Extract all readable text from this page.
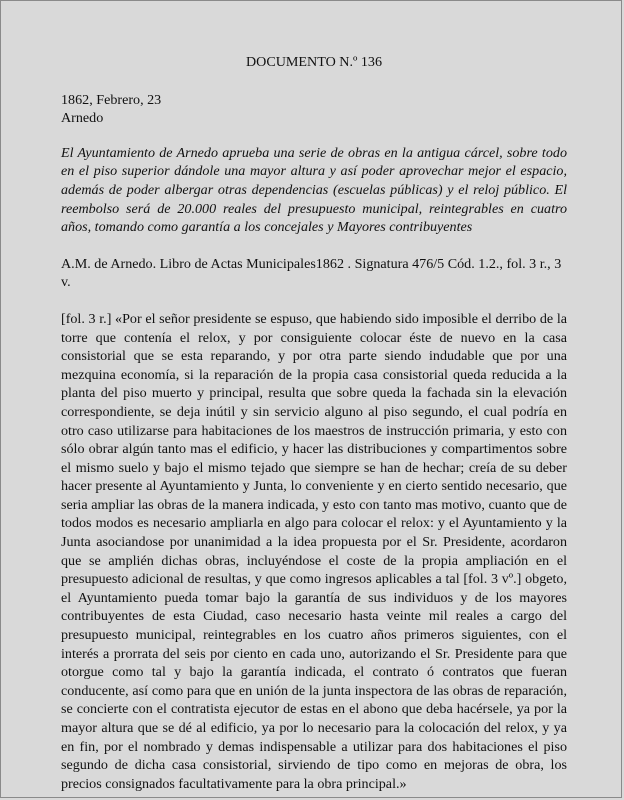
DOCUMENTO N.º 136
1862, Febrero, 23
Arnedo

El Ayuntamiento de Arnedo aprueba una serie de obras en la antigua cárcel, sobre todo en el piso superior dándole una mayor altura y así poder aprovechar mejor el espacio, además de poder albergar otras dependencias (escuelas públicas) y el reloj público. El reembolso será de 20.000 reales del presupuesto municipal, reintegrables en cuatro años, tomando como garantía a los concejales y Mayores contribuyentes

A.M. de Arnedo. Libro de Actas Municipales1862 . Signatura 476/5 Cód. 1.2., fol. 3 r., 3 v.

[fol. 3 r.] «Por el señor presidente se espuso, que habiendo sido imposible el derribo de la torre que contenía el relox, y por consiguiente colocar éste de nuevo en la casa consistorial que se esta reparando, y por otra parte siendo indudable que por una mezquina economía, si la reparación de la propia casa consistorial queda reducida a la planta del piso muerto y principal, resulta que sobre queda la fachada sin la elevación correspondiente, se deja inútil y sin servicio alguno al piso segundo, el cual podría en otro caso utilizarse para habitaciones de los maestros de instrucción primaria, y esto con sólo obrar algún tanto mas el edificio, y hacer las distribuciones y compartimentos sobre el mismo suelo y bajo el mismo tejado que siempre se han de hechar; creía de su deber hacer presente al Ayuntamiento y Junta, lo conveniente y en cierto sentido necesario, que seria ampliar las obras de la manera indicada, y esto con tanto mas motivo, cuanto que de todos modos es necesario ampliarla en algo para colocar el relox: y el Ayuntamiento y la Junta asociandose por unanimidad a la idea propuesta por el Sr. Presidente, acordaron que se amplién dichas obras, incluyéndose el coste de la propia ampliación en el presupuesto adicional de resultas, y que como ingresos aplicables a tal [fol. 3 vº.] obgeto, el Ayuntamiento pueda tomar bajo la garantía de sus individuos y de los mayores contribuyentes de esta Ciudad, caso necesario hasta veinte mil reales a cargo del presupuesto municipal, reintegrables en los cuatro años primeros siguientes, con el interés a prorrata del seis por ciento en cada uno, autorizando el Sr. Presidente para que otorgue como tal y bajo la garantía indicada, el contrato ó contratos que fueran conducente, así como para que en unión de la junta inspectora de las obras de reparación, se concierte con el contratista ejecutor de estas en el abono que deba hacérsele, ya por la mayor altura que se dé al edificio, ya por lo necesario para la colocación del relox, y ya en fin, por el nombrado y demas indispensable a utilizar para dos habitaciones el piso segundo de dicha casa consistorial, sirviendo de tipo como en mejoras de obra, los precios consignados facultativamente para la obra principal.»
